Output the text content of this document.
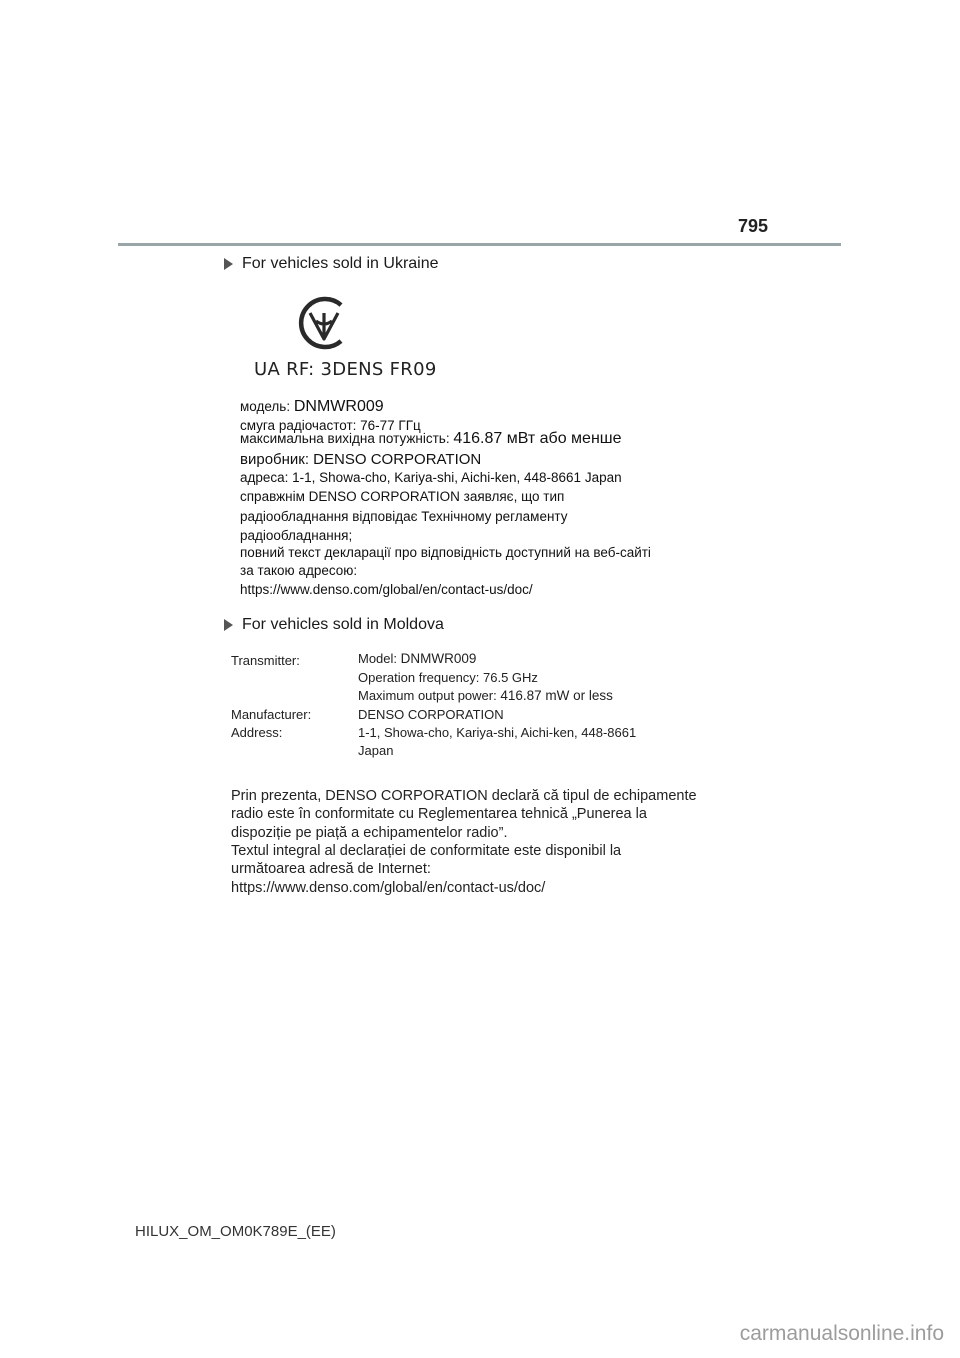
795
For vehicles sold in Ukraine
UA RF: 3DENS FR09
модель: DNMWR009
смуга радіочастот: 76-77 ГГц
максимальна вихідна потужність: 416.87 мВт або менше
виробник: DENSO CORPORATION
адреса: 1-1, Showa-cho, Kariya-shi, Aichi-ken, 448-8661 Japan
справжнім DENSO CORPORATION заявляє, що тип
радіообладнання відповідає Технічному регламенту
радіообладнання;
повний текст декларації про відповідність доступний на веб-сайті
за такою адресою:
https://www.denso.com/global/en/contact-us/doc/
For vehicles sold in Moldova
Transmitter:	Model: DNMWR009
Operation frequency: 76.5 GHz
Maximum output power: 416.87 mW or less
Manufacturer:	DENSO CORPORATION
Address:	1-1, Showa-cho, Kariya-shi, Aichi-ken, 448-8661
Japan
Prin prezenta, DENSO CORPORATION declară că tipul de echipamente
radio este în conformitate cu Reglementarea tehnică „Punerea la
dispoziție pe piață a echipamentelor radio”.
Textul integral al declarației de conformitate este disponibil la
următoarea adresă de Internet:
https://www.denso.com/global/en/contact-us/doc/
HILUX_OM_OM0K789E_(EE)
carmanualsonline.info
